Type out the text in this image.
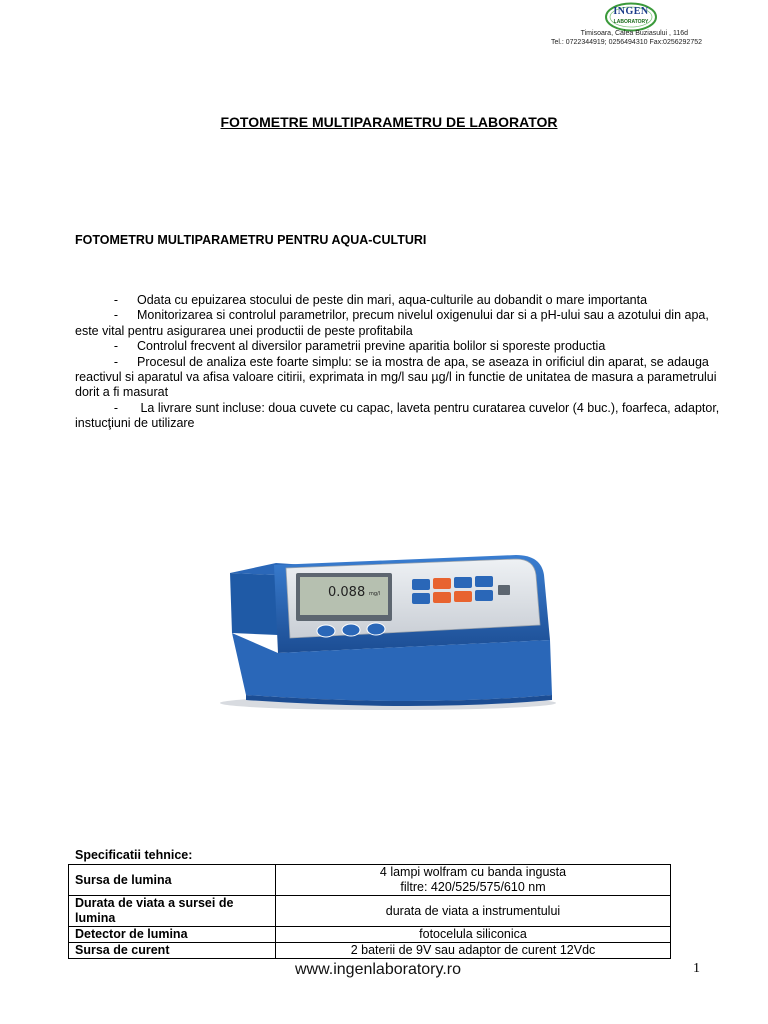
INGEN
LABORATORY
Timisoara, Calea Buziasului , 116d
Tel.: 0722344919; 0256494310 Fax:0256292752
FOTOMETRE MULTIPARAMETRU DE LABORATOR
FOTOMETRU MULTIPARAMETRU PENTRU AQUA-CULTURI

- Odata cu epuizarea stocului de peste din mari, aqua-culturile au dobandit o mare importanta

- Monitorizarea si controlul parametrilor, precum nivelul oxigenului dar si a pH-ului sau a azotului din apa, este vital pentru asigurarea unei productii de peste profitabila

- Controlul frecvent al diversilor parametrii previne aparitia bolilor si sporeste productia

- Procesul de analiza este foarte simplu: se ia mostra de apa, se aseaza in orificiul din aparat, se adauga reactivul si aparatul va afisa valoare citirii, exprimata in mg/l sau µg/l in functie de unitatea de masura a parametrului dorit a fi masurat

- La livrare sunt incluse: doua cuvete cu capac, laveta pentru curatarea cuvelor (4 buc.), foarfeca, adaptor, instucţiuni de utilizare

0.088 mg/l
Specificatii tehnice:
Sursa de lumina	4 lampi wolfram cu banda ingusta
filtre: 420/525/575/610 nm

Durata de viata a sursei de lumina	durata de viata a instrumentului
Detector de lumina	fotocelula siliconica
Sursa de curent	2 baterii de 9V sau adaptor de curent 12Vdc
www.ingenlaboratory.ro	1
